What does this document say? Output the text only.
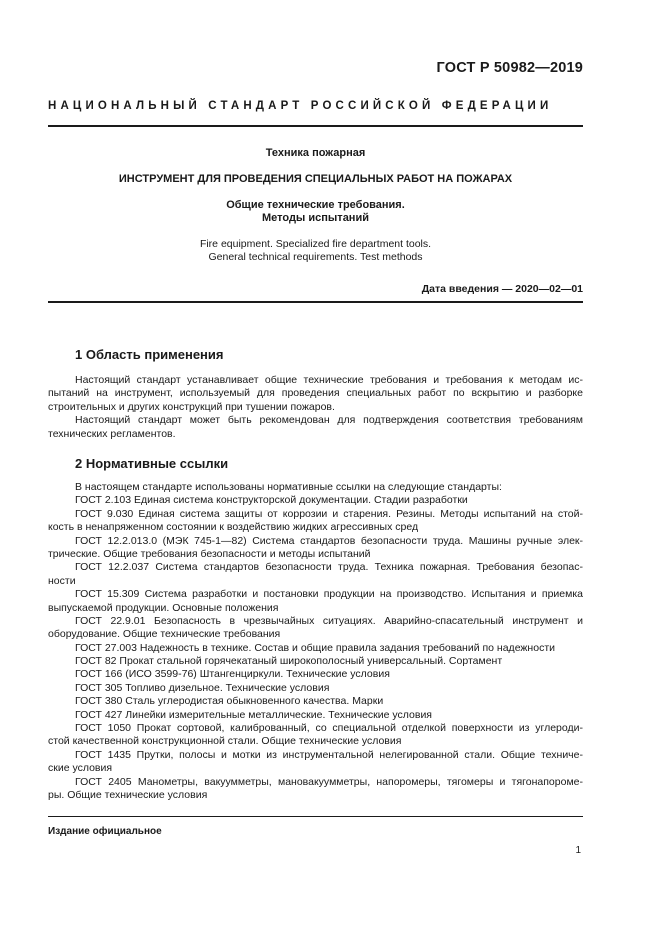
ГОСТ Р 50982—2019
НАЦИОНАЛЬНЫЙ СТАНДАРТ РОССИЙСКОЙ ФЕДЕРАЦИИ
Техника пожарная
ИНСТРУМЕНТ ДЛЯ ПРОВЕДЕНИЯ СПЕЦИАЛЬНЫХ РАБОТ НА ПОЖАРАХ
Общие технические требования.
Методы испытаний
Fire equipment. Specialized fire department tools.
General technical requirements. Test methods
Дата введения — 2020—02—01
1 Область применения
Настоящий стандарт устанавливает общие технические требования и требования к методам ис-
пытаний на инструмент, используемый для проведения специальных работ по вскрытию и разборке
строительных и других конструкций при тушении пожаров.
Настоящий стандарт может быть рекомендован для подтверждения соответствия требованиям
технических регламентов.
2 Нормативные ссылки
В настоящем стандарте использованы нормативные ссылки на следующие стандарты:
ГОСТ 2.103 Единая система конструкторской документации. Стадии разработки
ГОСТ 9.030 Единая система защиты от коррозии и старения. Резины. Методы испытаний на стой-
кость в ненапряженном состоянии к воздействию жидких агрессивных сред
ГОСТ 12.2.013.0 (МЭК 745-1—82) Система стандартов безопасности труда. Машины ручные элек-
трические. Общие требования безопасности и методы испытаний
ГОСТ 12.2.037 Система стандартов безопасности труда. Техника пожарная. Требования безопас-
ности
ГОСТ 15.309 Система разработки и постановки продукции на производство. Испытания и приемка
выпускаемой продукции. Основные положения
ГОСТ 22.9.01 Безопасность в чрезвычайных ситуациях. Аварийно-спасательный инструмент и
оборудование. Общие технические требования
ГОСТ 27.003 Надежность в технике. Состав и общие правила задания требований по надежности
ГОСТ 82 Прокат стальной горячекатаный широкополосный универсальный. Сортамент
ГОСТ 166 (ИСО 3599-76) Штангенциркули. Технические условия
ГОСТ 305 Топливо дизельное. Технические условия
ГОСТ 380 Сталь углеродистая обыкновенного качества. Марки
ГОСТ 427 Линейки измерительные металлические. Технические условия
ГОСТ 1050 Прокат сортовой, калиброванный, со специальной отделкой поверхности из углероди-
стой качественной конструкционной стали. Общие технические условия
ГОСТ 1435 Прутки, полосы и мотки из инструментальной нелегированной стали. Общие техниче-
ские условия
ГОСТ 2405 Манометры, вакуумметры, мановакуумметры, напоромеры, тягомеры и тягонапороме-
ры. Общие технические условия
Издание официальное
1
